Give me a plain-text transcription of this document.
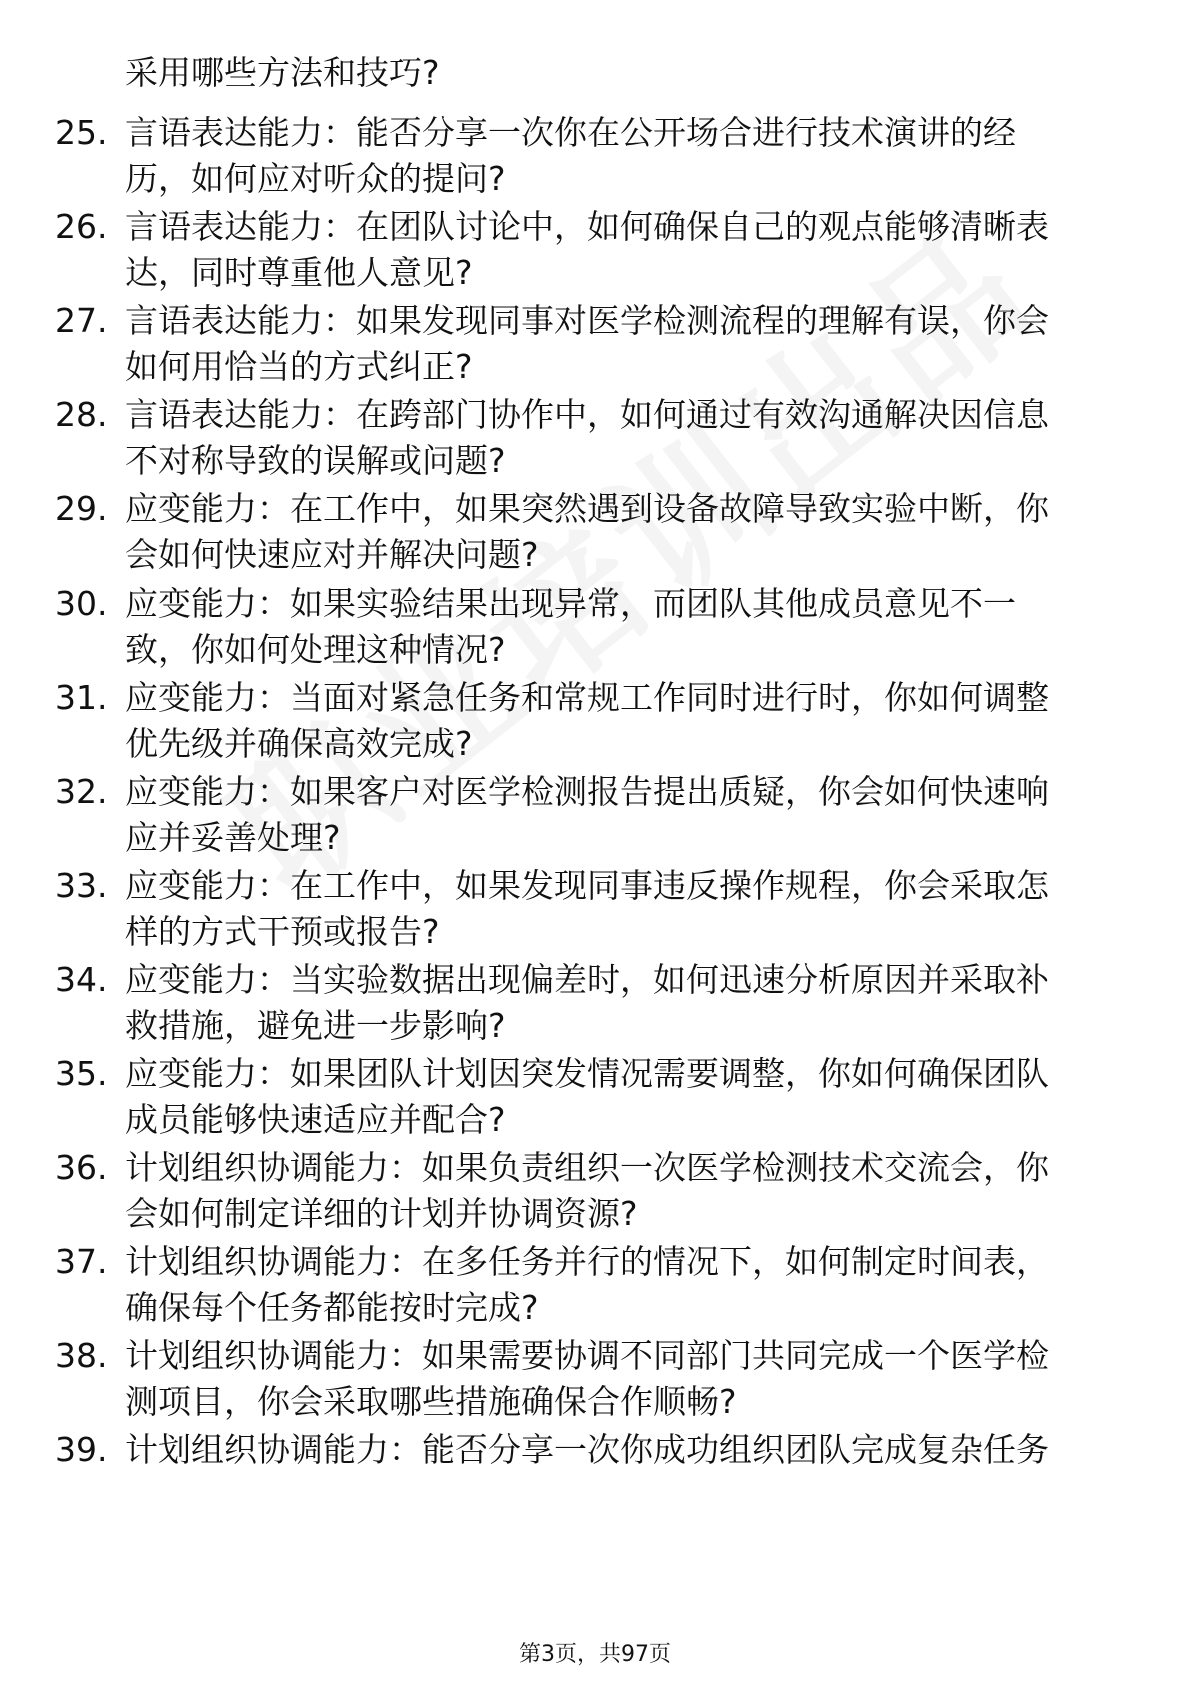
采用哪些方法和技巧?
25. 言语表达能力：能否分享一次你在公开场合进行技术演讲的经
历，如何应对听众的提问?
26. 言语表达能力：在团队讨论中，如何确保自己的观点能够清晰表
达，同时尊重他人意见?
27. 言语表达能力：如果发现同事对医学检测流程的理解有误，你会
如何用恰当的方式纠正?
28. 言语表达能力：在跨部门协作中，如何通过有效沟通解决因信息
不对称导致的误解或问题?
29. 应变能力：在工作中，如果突然遇到设备故障导致实验中断，你
会如何快速应对并解决问题?
30. 应变能力：如果实验结果出现异常，而团队其他成员意见不一
致，你如何处理这种情况?
31. 应变能力：当面对紧急任务和常规工作同时进行时，你如何调整
优先级并确保高效完成?
32. 应变能力：如果客户对医学检测报告提出质疑，你会如何快速响
应并妥善处理?
33. 应变能力：在工作中，如果发现同事违反操作规程，你会采取怎
样的方式干预或报告?
34. 应变能力：当实验数据出现偏差时，如何迅速分析原因并采取补
救措施，避免进一步影响?
35. 应变能力：如果团队计划因突发情况需要调整，你如何确保团队
成员能够快速适应并配合?
36. 计划组织协调能力：如果负责组织一次医学检测技术交流会，你
会如何制定详细的计划并协调资源?
37. 计划组织协调能力：在多任务并行的情况下，如何制定时间表，
确保每个任务都能按时完成?
38. 计划组织协调能力：如果需要协调不同部门共同完成一个医学检
测项目，你会采取哪些措施确保合作顺畅?
39. 计划组织协调能力：能否分享一次你成功组织团队完成复杂任务
第3页，共97页
